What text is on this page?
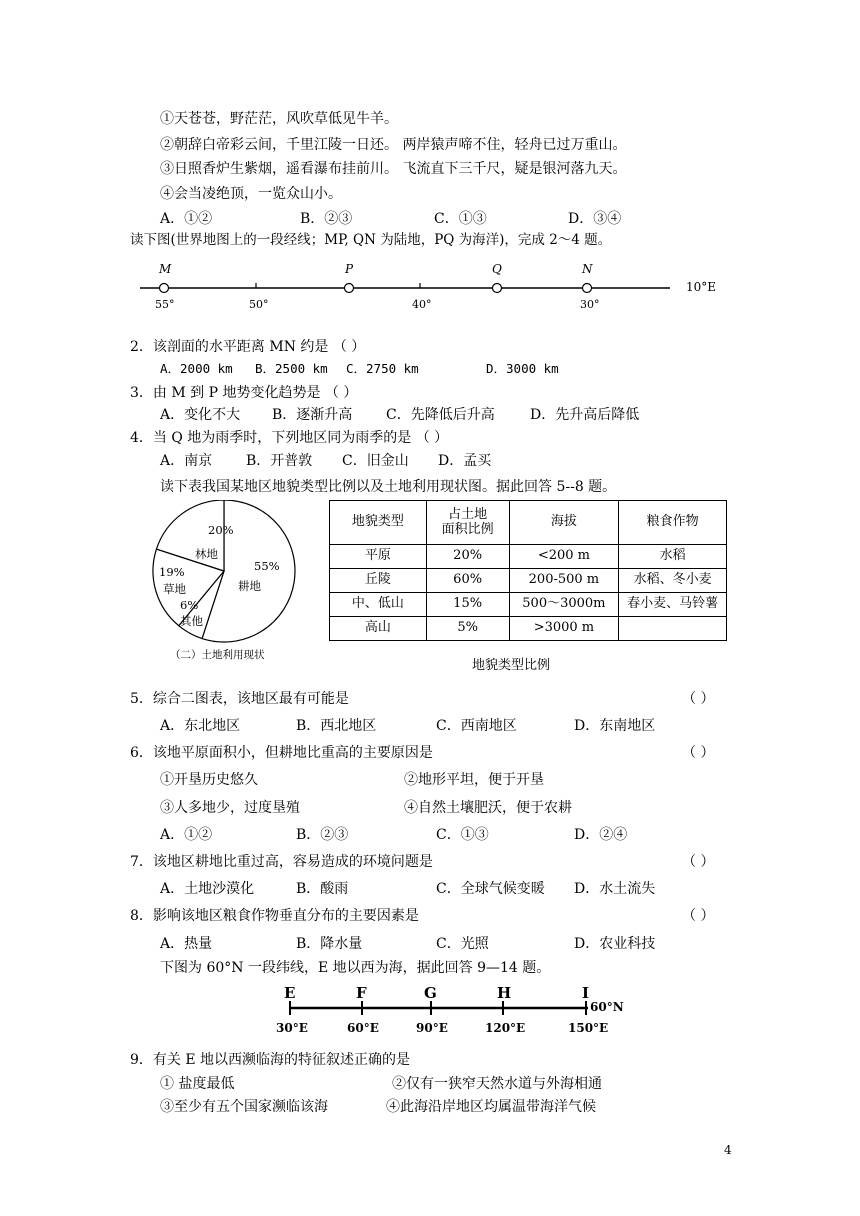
①天苍苍，野茫茫，风吹草低见牛羊。
②朝辞白帝彩云间，千里江陵一日还。 两岸猿声啼不住，轻舟已过万重山。
③日照香炉生紫烟，遥看瀑布挂前川。 飞流直下三千尺，疑是银河落九天。
④会当凌绝顶，一览众山小。
A．①②	B．②③	C．①③	D．③④
读下图(世界地图上的一段经线；MP, QN 为陆地，PQ 为海洋)，完成 2～4 题。
M	P	Q	N
55°	50°	40°	30°
10°E
2．该剖面的水平距离 MN 约是 （ ）
A．2000 km B．2500 km C．2750 km	D．3000 km
3．由 M 到 P 地势变化趋势是 （ ）
A．变化不大 B．逐渐升高 C．先降低后升高	D．先升高后降低
4．当 Q 地为雨季时，下列地区同为雨季的是 （ ）
A．南京 B．开普敦 C．旧金山 D．孟买
读下表我国某地区地貌类型比例以及土地利用现状图。据此回答 5--8 题。
20%
林地
55%
耕地
19%
草地
6%
其他
（二）土地利用现状
地貌类型	占土地
面积比例	海拔	粮食作物
平原	20%	<200 m	水稻
丘陵	60%	200-500 m	水稻、冬小麦
中、低山	15%	500～3000m	春小麦、马铃薯
高山	5%	>3000 m	
地貌类型比例
5．综合二图表，该地区最有可能是	（ ）
A．东北地区	B．西北地区	C．西南地区	D．东南地区
6．该地平原面积小，但耕地比重高的主要原因是	（ ）
①开垦历史悠久	②地形平坦，便于开垦
③人多地少，过度垦殖	④自然土壤肥沃，便于农耕
A．①②	B．②③	C．①③	D．②④
7．该地区耕地比重过高，容易造成的环境问题是	（ ）
A．土地沙漠化	B．酸雨	C．全球气候变暖 D．水土流失
8．影响该地区粮食作物垂直分布的主要因素是	（ ）
A．热量	B．降水量	C．光照	D．农业科技
下图为 60°N 一段纬线，E 地以西为海，据此回答 9—14 题。
E	F	G	H	I
60°N
30°E	60°E	90°E	120°E	150°E
9．有关 E 地以西濒临海的特征叙述正确的是
① 盐度最低	②仅有一狭窄天然水道与外海相通
③至少有五个国家濒临该海	④此海沿岸地区均属温带海洋气候
4
